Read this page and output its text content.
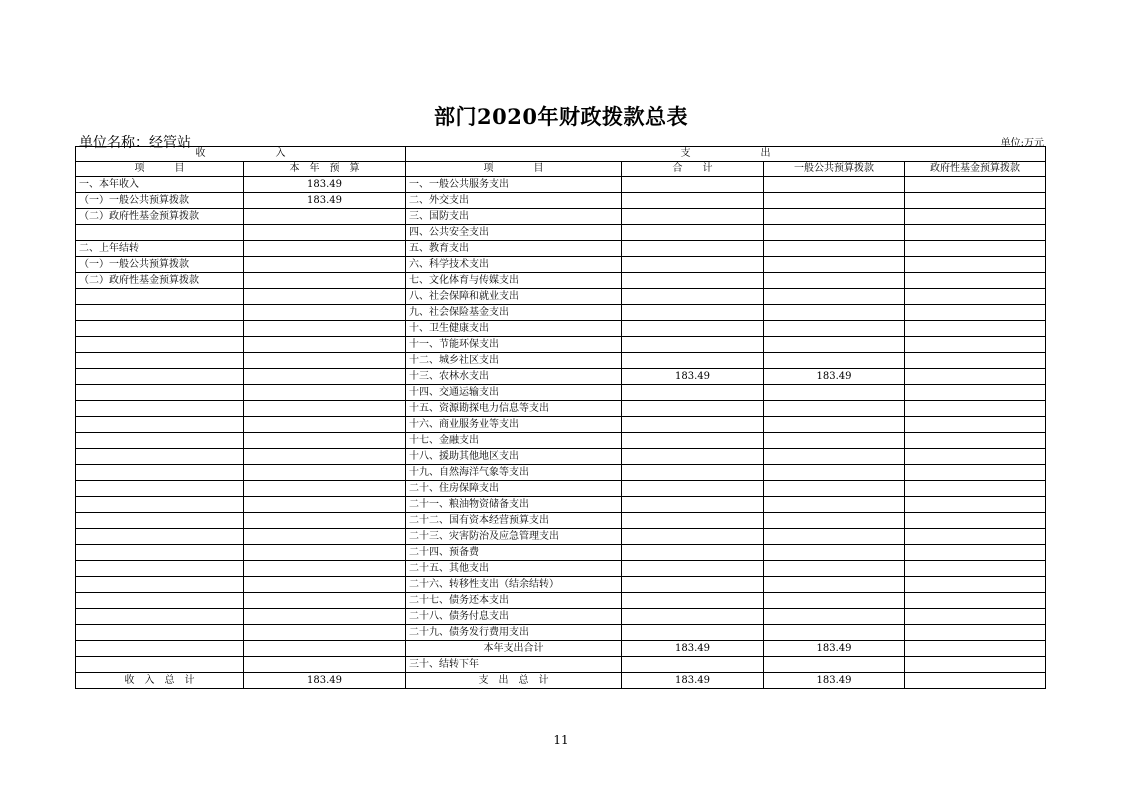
部门2020年财政拨款总表
单位名称：经管站	单位:万元
收　　　　　　　入		支　　　　　　　出			
项　　　目	本　年　预　算	项　　　　目	合　　计	一般公共预算拨款	政府性基金预算拨款
一、本年收入	183.49	一、一般公共服务支出			
（一）一般公共预算拨款	183.49	二、外交支出			
（二）政府性基金预算拨款		三、国防支出			
		四、公共安全支出			
二、上年结转		五、教育支出			
（一）一般公共预算拨款		六、科学技术支出			
（二）政府性基金预算拨款		七、文化体育与传媒支出			
		八、社会保障和就业支出			
		九、社会保险基金支出			
		十、卫生健康支出			
		十一、节能环保支出			
		十二、城乡社区支出			
		十三、农林水支出	183.49	183.49	
		十四、交通运输支出			
		十五、资源勘探电力信息等支出			
		十六、商业服务业等支出			
		十七、金融支出			
		十八、援助其他地区支出			
		十九、自然海洋气象等支出			
		二十、住房保障支出			
		二十一、粮油物资储备支出			
		二十二、国有资本经营预算支出			
		二十三、灾害防治及应急管理支出			
		二十四、预备费			
		二十五、其他支出			
		二十六、转移性支出（结余结转）			
		二十七、债务还本支出			
		二十八、债务付息支出			
		二十九、债务发行费用支出			
		本年支出合计	183.49	183.49	
		三十、结转下年			
收　入　总　计	183.49	支　出　总　计	183.49	183.49	
11
